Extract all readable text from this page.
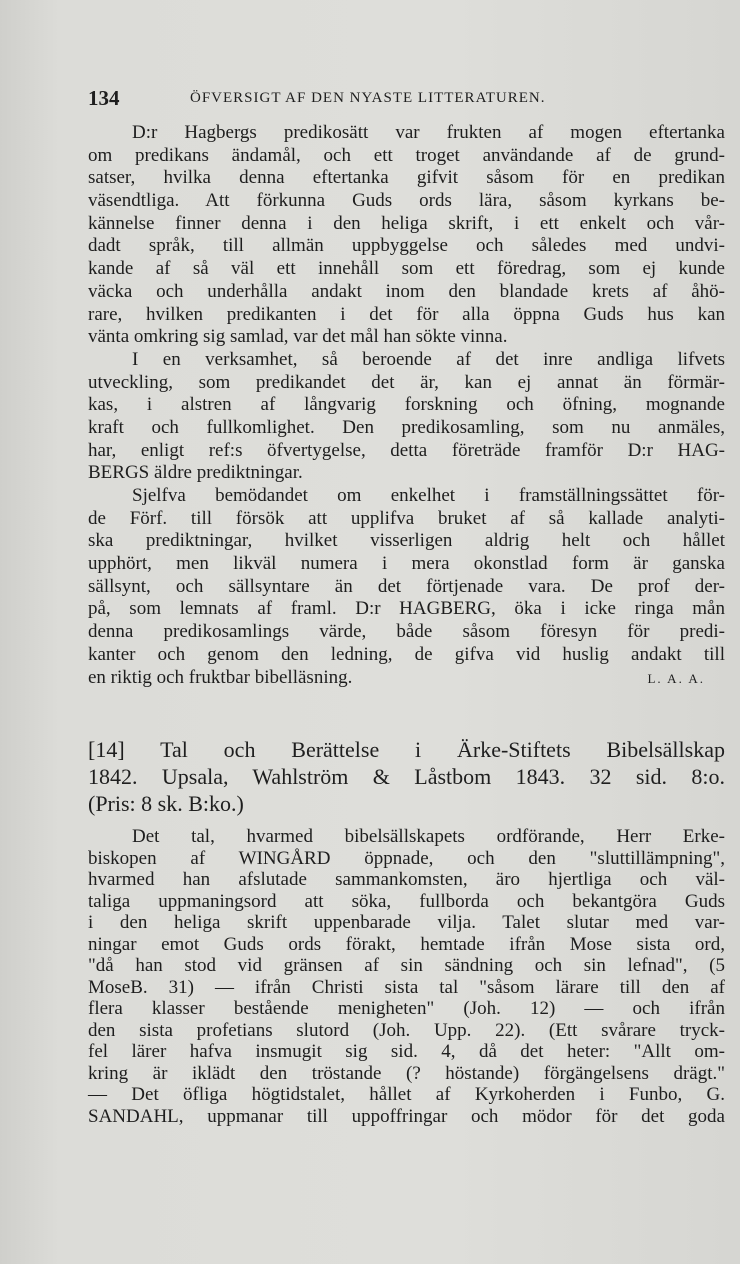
134	ÖFVERSIGT AF DEN NYASTE LITTERATUREN.
D:r Hagbergs predikosätt var frukten af mogen eftertanka
om predikans ändamål, och ett troget användande af de grund-
satser, hvilka denna eftertanka gifvit såsom för en predikan
väsendtliga. Att förkunna Guds ords lära, såsom kyrkans be-
kännelse finner denna i den heliga skrift, i ett enkelt och vår-
dadt språk, till allmän uppbyggelse och således med undvi-
kande af så väl ett innehåll som ett föredrag, som ej kunde
väcka och underhålla andakt inom den blandade krets af åhö-
rare, hvilken predikanten i det för alla öppna Guds hus kan
vänta omkring sig samlad, var det mål han sökte vinna.
I en verksamhet, så beroende af det inre andliga lifvets
utveckling, som predikandet det är, kan ej annat än förmär-
kas, i alstren af långvarig forskning och öfning, mognande
kraft och fullkomlighet. Den predikosamling, som nu anmäles,
har, enligt ref:s öfvertygelse, detta företräde framför D:r HAG-
BERGS äldre prediktningar.
Sjelfva bemödandet om enkelhet i framställningssättet för-
de Förf. till försök att upplifva bruket af så kallade analyti-
ska prediktningar, hvilket visserligen aldrig helt och hållet
upphört, men likväl numera i mera okonstlad form är ganska
sällsynt, och sällsyntare än det förtjenade vara. De prof der-
på, som lemnats af framl. D:r HAGBERG, öka i icke ringa mån
denna predikosamlings värde, både såsom föresyn för predi-
kanter och genom den ledning, de gifva vid huslig andakt till
en riktig och fruktbar bibelläsning.	L. A. A.
[14] Tal och Berättelse i Ärke-Stiftets Bibelsällskap
1842. Upsala, Wahlström & Låstbom 1843. 32 sid. 8:o.
(Pris: 8 sk. B:ko.)
Det tal, hvarmed bibelsällskapets ordförande, Herr Erke-
biskopen af WINGÅRD öppnade, och den "sluttillämpning",
hvarmed han afslutade sammankomsten, äro hjertliga och väl-
taliga uppmaningsord att söka, fullborda och bekantgöra Guds
i den heliga skrift uppenbarade vilja. Talet slutar med var-
ningar emot Guds ords förakt, hemtade ifrån Mose sista ord,
"då han stod vid gränsen af sin sändning och sin lefnad", (5
MoseB. 31) — ifrån Christi sista tal "såsom lärare till den af
flera klasser bestående menigheten" (Joh. 12) — och ifrån
den sista profetians slutord (Joh. Upp. 22). (Ett svårare tryck-
fel lärer hafva insmugit sig sid. 4, då det heter: "Allt om-
kring är iklädt den tröstande (? höstande) förgängelsens drägt."
— Det öfliga högtidstalet, hållet af Kyrkoherden i Funbo, G.
SANDAHL, uppmanar till uppoffringar och mödor för det goda
